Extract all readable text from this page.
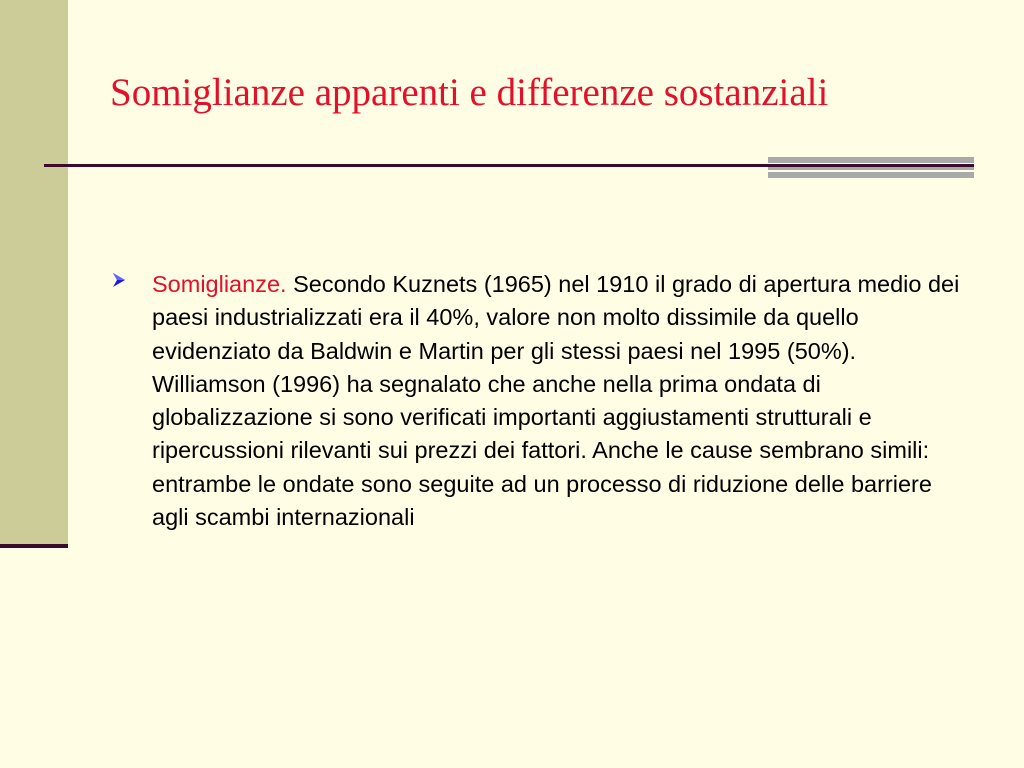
Somiglianze apparenti e differenze sostanziali

Somiglianze. Secondo Kuznets (1965) nel 1910 il grado di apertura medio dei paesi industrializzati era il 40%, valore non molto dissimile da quello evidenziato da Baldwin e Martin per gli stessi paesi nel 1995 (50%). Williamson (1996) ha segnalato che anche nella prima ondata di globalizzazione si sono verificati importanti aggiustamenti strutturali e ripercussioni rilevanti sui prezzi dei fattori. Anche le cause sembrano simili: entrambe le ondate sono seguite ad un processo di riduzione delle barriere agli scambi internazionali
